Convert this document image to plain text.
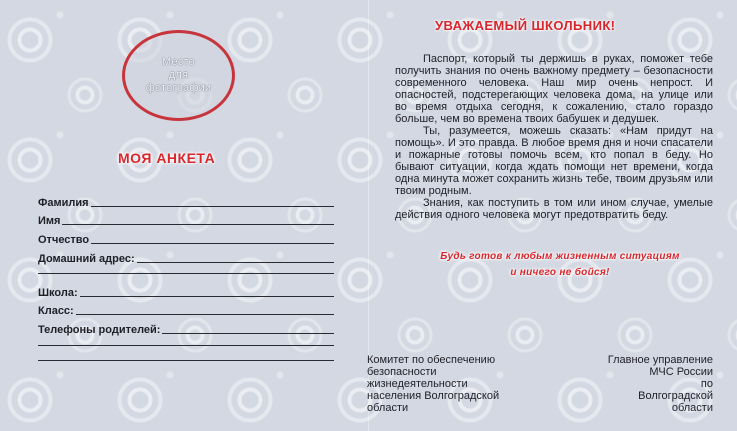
Место
для
фотографии
МОЯ АНКЕТА
Фамилия
Имя
Отчество
Домашний адрес:
Школа:
Класс:
Телефоны родителей:
УВАЖАЕМЫЙ ШКОЛЬНИК!

Паспорт, который ты держишь в руках, поможет тебе получить знания по очень важному предмету – безопасности современного человека. Наш мир очень непрост. И опасностей, подстерегающих человека дома, на улице или во время отдыха сегодня, к сожалению, стало гораздо больше, чем во времена твоих бабушек и дедушек.

Ты, разумеется, можешь сказать: «Нам придут на помощь». И это правда. В любое время дня и ночи спасатели и пожарные готовы помочь всем, кто попал в беду. Но бывают ситуации, когда ждать помощи нет времени, когда одна минута может сохранить жизнь тебе, твоим друзьям или твоим родным.

Знания, как поступить в том или ином случае, умелые действия одного человека могут предотвратить беду.

Будь готов к любым жизненным ситуациям
и ничего не бойся!
Комитет по обеспечению
безопасности
жизнедеятельности
населения Волгоградской
области
Главное управление
МЧС России
по
Волгоградской
области
